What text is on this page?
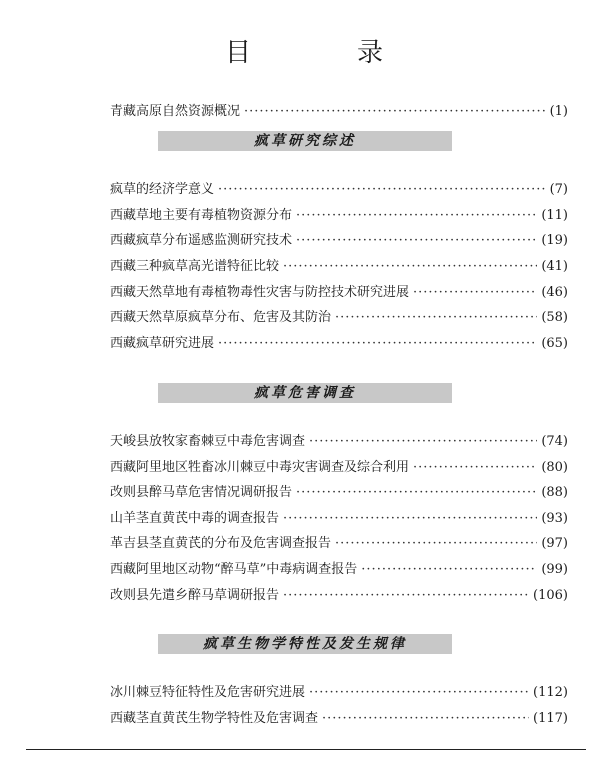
目　录
青藏高原自然资源概况 ·····	(1)
疯草研究综述
疯草的经济学意义 ·····	(7)
西藏草地主要有毒植物资源分布 ·····	(11)
西藏疯草分布遥感监测研究技术 ·····	(19)
西藏三种疯草高光谱特征比较 ·····	(41)
西藏天然草地有毒植物毒性灾害与防控技术研究进展 ·····	(46)
西藏天然草原疯草分布、危害及其防治 ·····	(58)
西藏疯草研究进展 ·····	(65)
疯草危害调查
天峻县放牧家畜棘豆中毒危害调查 ·····	(74)
西藏阿里地区牲畜冰川棘豆中毒灾害调查及综合利用 ·····	(80)
改则县醉马草危害情况调研报告 ·····	(88)
山羊茎直黄芪中毒的调查报告 ·····	(93)
革吉县茎直黄芪的分布及危害调查报告 ·····	(97)
西藏阿里地区动物“醉马草”中毒病调查报告 ·····	(99)
改则县先遣乡醉马草调研报告 ·····	(106)
疯草生物学特性及发生规律
冰川棘豆特征特性及危害研究进展 ·····	(112)
西藏茎直黄芪生物学特性及危害调查 ·····	(117)
